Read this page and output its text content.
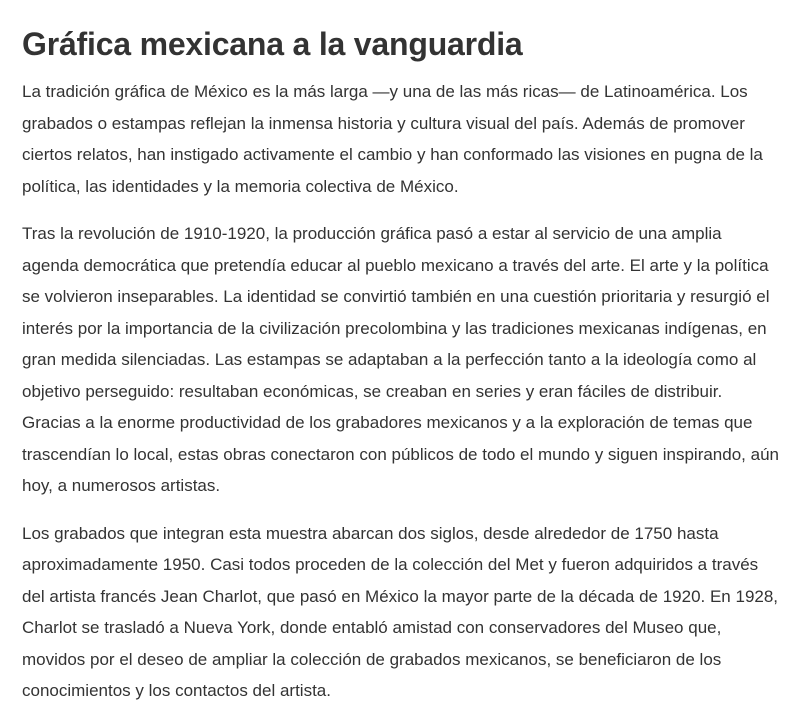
Gráfica mexicana a la vanguardia

La tradición gráfica de México es la más larga —y una de las más ricas— de Latinoamérica. Los grabados o estampas reflejan la inmensa historia y cultura visual del país. Además de promover ciertos relatos, han instigado activamente el cambio y han conformado las visiones en pugna de la política, las identidades y la memoria colectiva de México.

Tras la revolución de 1910-1920, la producción gráfica pasó a estar al servicio de una amplia agenda democrática que pretendía educar al pueblo mexicano a través del arte. El arte y la política se volvieron inseparables. La identidad se convirtió también en una cuestión prioritaria y resurgió el interés por la importancia de la civilización precolombina y las tradiciones mexicanas indígenas, en gran medida silenciadas. Las estampas se adaptaban a la perfección tanto a la ideología como al objetivo perseguido: resultaban económicas, se creaban en series y eran fáciles de distribuir. Gracias a la enorme productividad de los grabadores mexicanos y a la exploración de temas que trascendían lo local, estas obras conectaron con públicos de todo el mundo y siguen inspirando, aún hoy, a numerosos artistas.

Los grabados que integran esta muestra abarcan dos siglos, desde alrededor de 1750 hasta aproximadamente 1950. Casi todos proceden de la colección del Met y fueron adquiridos a través del artista francés Jean Charlot, que pasó en México la mayor parte de la década de 1920. En 1928, Charlot se trasladó a Nueva York, donde entabló amistad con conservadores del Museo que, movidos por el deseo de ampliar la colección de grabados mexicanos, se beneficiaron de los conocimientos y los contactos del artista.
